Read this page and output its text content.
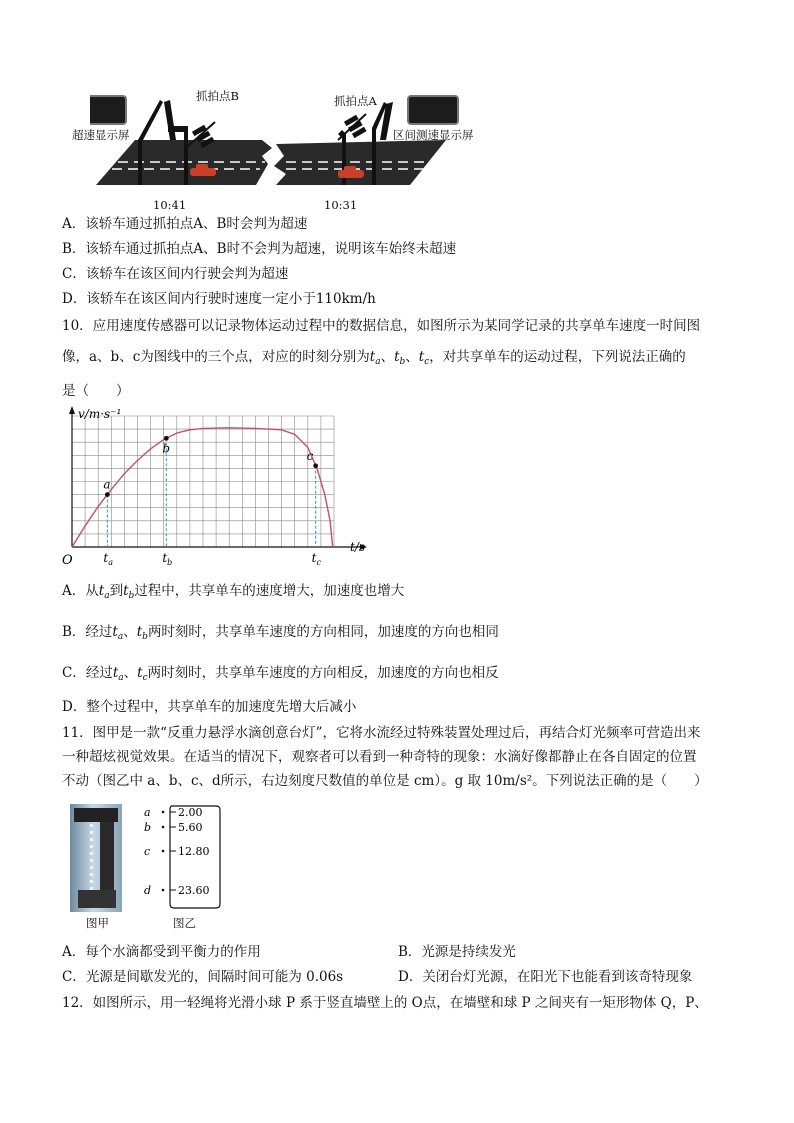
抓拍点B	抓拍点A
超速显示屏	区间测速显示屏
10:41	10:31
A．该轿车通过抓拍点A、B时会判为超速
B．该轿车通过抓拍点A、B时不会判为超速，说明该车始终未超速
C．该轿车在该区间内行驶会判为超速
D．该轿车在该区间内行驶时速度一定小于110km/h
10．应用速度传感器可以记录物体运动过程中的数据信息，如图所示为某同学记录的共享单车速度一时间图
像，a、b、c为图线中的三个点，对应的时刻分别为$t_a$、$t_b$、$t_c$，对共享单车的运动过程，下列说法正确的
是（　　）
a
$t_a$
b
$t_b$
c
$t_c$
O
v/m·s⁻¹
t/s
A．从$t_a$到$t_b$过程中，共享单车的速度增大，加速度也增大
B．经过$t_a$、$t_b$两时刻时，共享单车速度的方向相同，加速度的方向也相同
C．经过$t_a$、$t_c$两时刻时，共享单车速度的方向相反，加速度的方向也相反
D．整个过程中，共享单车的加速度先增大后减小
11．图甲是一款“反重力悬浮水滴创意台灯”，它将水流经过特殊装置处理过后，再结合灯光频率可营造出来
一种超炫视觉效果。在适当的情况下，观察者可以看到一种奇特的现象：水滴好像都静止在各自固定的位置
不动（图乙中 a、b、c、d所示，右边刻度尺数值的单位是 cm）。g 取 10m/s²。下列说法正确的是（　　）
图甲
a 2.00
b 5.60
c	12.80
d 23.60
图乙
A．每个水滴都受到平衡力的作用	B．光源是持续发光
C．光源是间歇发光的，间隔时间可能为 0.06s	D．关闭台灯光源，在阳光下也能看到该奇特现象
12．如图所示，用一轻绳将光滑小球 P 系于竖直墙壁上的 O点，在墙壁和球 P 之间夹有一矩形物体 Q，P、
